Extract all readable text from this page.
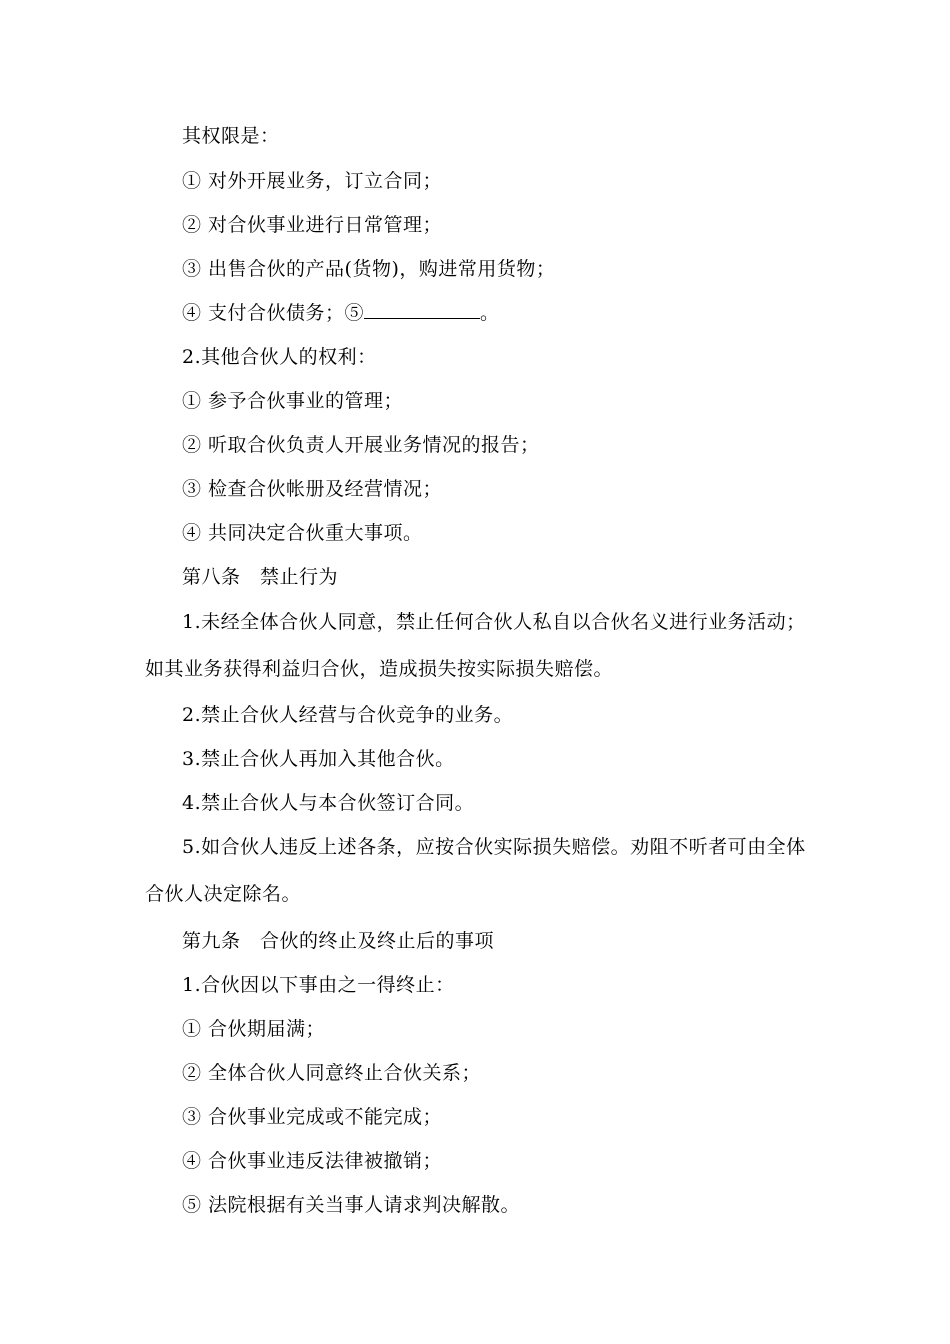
其权限是：
① 对外开展业务，订立合同；
② 对合伙事业进行日常管理；
③ 出售合伙的产品(货物)，购进常用货物；
④ 支付合伙债务；⑤	。
2.其他合伙人的权利：
① 参予合伙事业的管理；
② 听取合伙负责人开展业务情况的报告；
③ 检查合伙帐册及经营情况；
④ 共同决定合伙重大事项。
第八条　禁止行为
1.未经全体合伙人同意，禁止任何合伙人私自以合伙名义进行业务活动；
如其业务获得利益归合伙，造成损失按实际损失赔偿。
2.禁止合伙人经营与合伙竞争的业务。
3.禁止合伙人再加入其他合伙。
4.禁止合伙人与本合伙签订合同。
5.如合伙人违反上述各条，应按合伙实际损失赔偿。劝阻不听者可由全体
合伙人决定除名。
第九条　合伙的终止及终止后的事项
1.合伙因以下事由之一得终止：
① 合伙期届满；
② 全体合伙人同意终止合伙关系；
③ 合伙事业完成或不能完成；
④ 合伙事业违反法律被撤销；
⑤ 法院根据有关当事人请求判决解散。
